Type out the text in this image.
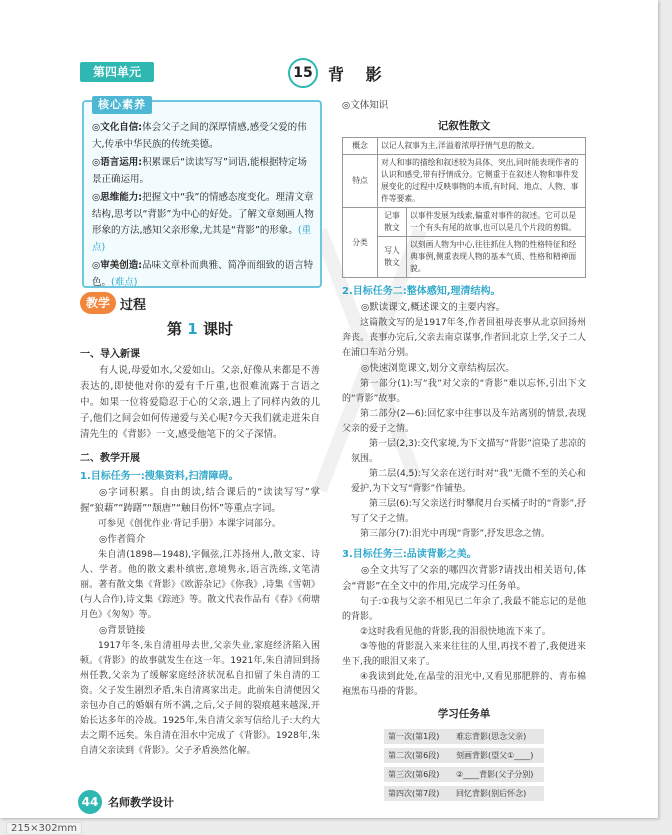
第四单元	15 背 影
核心素养
◎文化自信:体会父子之间的深厚情感,感受父爱的伟大,传承中华民族的传统美德。
◎语言运用:积累课后“读读写写”词语,能根据特定场景正确运用。
◎思维能力:把握文中“我”的情感态度变化。理清文章结构,思考以“背影”为中心的好处。了解文章刻画人物形象的方法,感知父亲形象,尤其是“背影”的形象。(重点)
◎审美创造:品味文章朴而典雅、简净而细致的语言特色。(难点)
教学 过程
第 1 课时
一、导入新课

有人说,母爱如水,父爱如山。父亲,好像从来都是不善表达的,即使他对你的爱有千斤重,也很难流露于言语之中。如果一位将爱隐忍于心的父亲,遇上了同样内敛的儿子,他们之间会如何传递爱与关心呢?今天我们就走进朱自清先生的《背影》一文,感受他笔下的父子深情。

二、教学开展
1.目标任务一:搜集资料,扫清障碍。

◎字词积累。自由朗读,结合课后的“读读写写”掌握“狼藉”“踌躇”“颓唐”“触目伤怀”等重点字词。

可参见《创优作业·背记手册》本课字词部分。

◎作者简介

朱自清(1898—1948),字佩弦,江苏扬州人,散文家、诗人、学者。他的散文素朴缜密,意境隽永,语言洗练,文笔清丽。著有散文集《背影》《欧游杂记》《你我》,诗集《雪朝》(与人合作),诗文集《踪迹》等。散文代表作品有《春》《荷塘月色》《匆匆》等。

◎背景链接

1917年冬,朱自清祖母去世,父亲失业,家庭经济陷入困顿。《背影》的故事就发生在这一年。1921年,朱自清回到扬州任教,父亲为了缓解家庭经济状况私自扣留了朱自清的工资。父子发生剧烈矛盾,朱自清离家出走。此前朱自清便因父亲包办自己的婚姻有所不满,之后,父子间的裂痕越来越深,开始长达多年的冷战。1925年,朱自清父亲写信给儿子:大约大去之期不远矣。朱自清在泪水中完成了《背影》。1928年,朱自清父亲读到《背影》。父子矛盾涣然化解。

◎文体知识

记叙性散文
概念	以记人叙事为主,洋溢着浓厚抒情气息的散文。	
特点	对人和事的描绘和叙述较为具体、突出,同时能表现作者的认识和感受,带有抒情成分。它侧重于在叙述人物和事件发展变化的过程中反映事物的本质,有时间、地点、人物、事件等要素。	
分类	记事散文	以事件发展为线索,偏重对事件的叙述。它可以是一个有头有尾的故事,也可以是几个片段的剪辑。
	写人散文	以刻画人物为中心,往往抓住人物的性格特征和经典事例,侧重表现人物的基本气质、性格和精神面貌。
2.目标任务二:整体感知,理清结构。

◎默读课文,概述课文的主要内容。

这篇散文写的是1917年冬,作者回祖母丧事从北京回扬州奔丧。丧事办完后,父亲去南京谋事,作者回北京上学,父子二人在浦口车站分别。

◎快速浏览课文,划分文章结构层次。

第一部分(1):写“我”对父亲的“背影”难以忘怀,引出下文的“背影”故事。

第二部分(2—6):回忆家中往事以及车站离别的情景,表现父亲的爱子之情。

第一层(2,3):交代家境,为下文描写“背影”渲染了悲凉的氛围。

第二层(4,5):写父亲在送行时对“我”无微不至的关心和爱护,为下文写“背影”作铺垫。

第三层(6):写父亲送行时攀爬月台买橘子时的“背影”,抒写了父子之情。

第三部分(7):泪光中再现“背影”,抒发思念之情。

3.目标任务三:品读背影之美。

◎全文共写了父亲的哪四次背影?请找出相关语句,体会“背影”在全文中的作用,完成学习任务单。

句子:①我与父亲不相见已二年余了,我最不能忘记的是他的背影。

②这时我看见他的背影,我的泪很快地流下来了。

③等他的背影混入来来往往的人里,再找不着了,我便进来坐下,我的眼泪又来了。

④我读到此处,在晶莹的泪光中,又看见那肥胖的、青布棉袍黑布马褂的背影。

学习任务单
第一次(第1段)	难忘背影(思念父亲)
第二次(第6段)	刻画背影(望父①____)
第三次(第6段)	②____背影(父子分别)
第四次(第7段)	回忆背影(别后怀念)
44 名师教学设计
215×302mm
